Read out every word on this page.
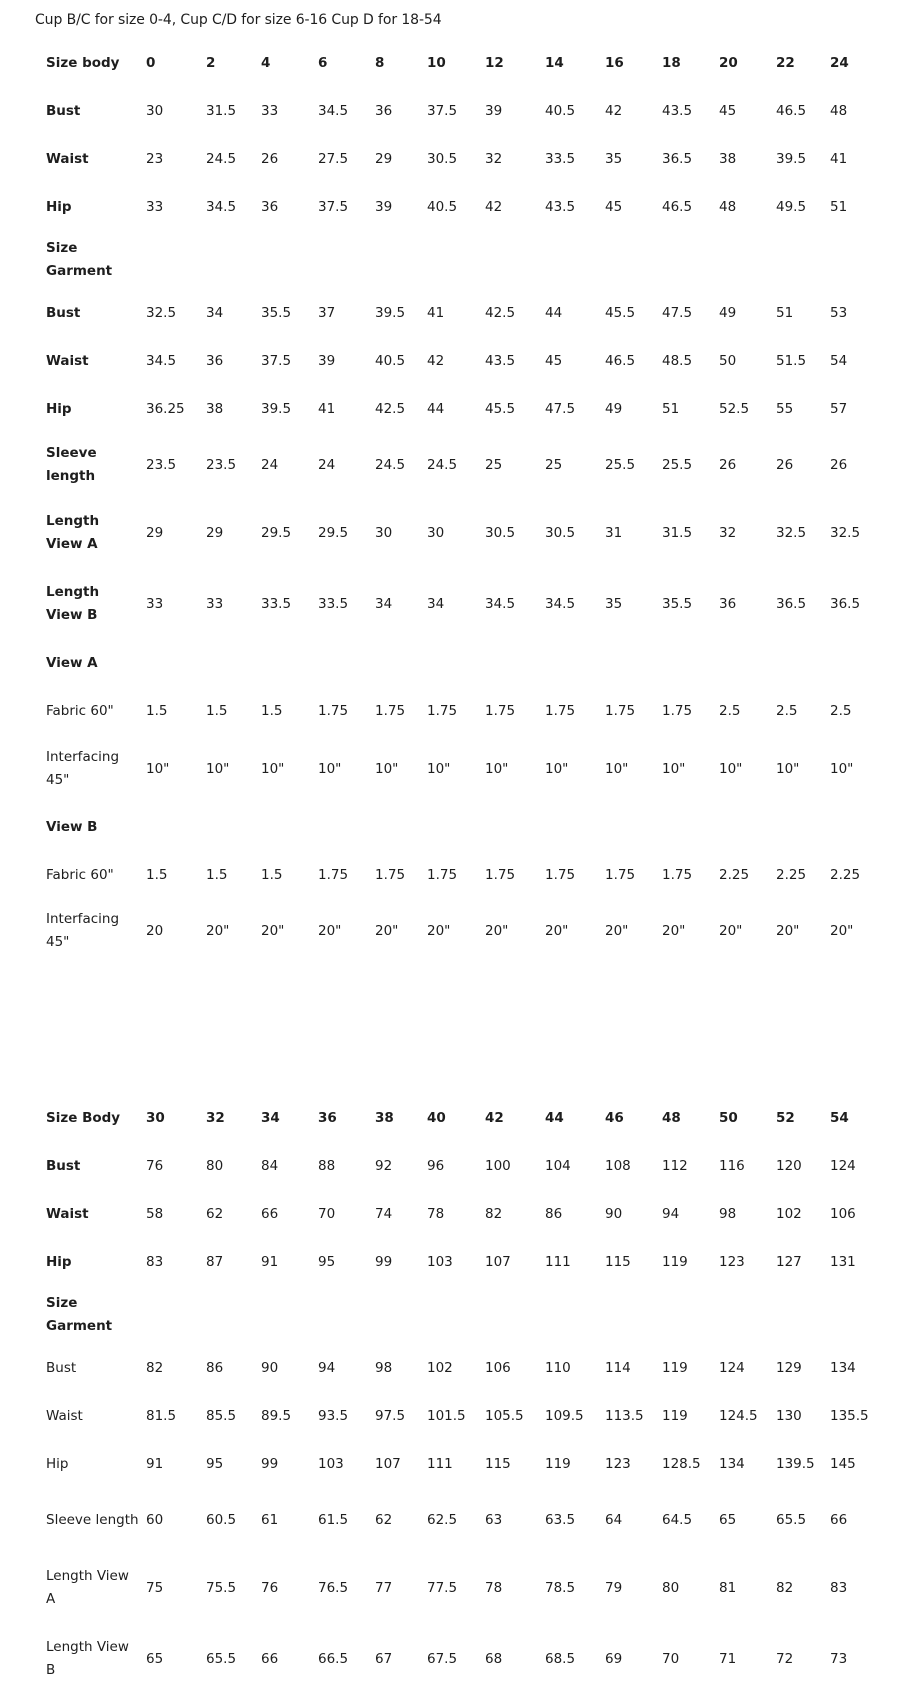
Cup B/C for size 0-4, Cup C/D for size 6-16 Cup D for 18-54

Size body	0	2	4	6	8	10	12	14	16	18	20	22	24
Bust	30	31.5	33	34.5	36	37.5	39	40.5	42	43.5	45	46.5	48
Waist	23	24.5	26	27.5	29	30.5	32	33.5	35	36.5	38	39.5	41
Hip	33	34.5	36	37.5	39	40.5	42	43.5	45	46.5	48	49.5	51
Size Garment													
Bust	32.5	34	35.5	37	39.5	41	42.5	44	45.5	47.5	49	51	53
Waist	34.5	36	37.5	39	40.5	42	43.5	45	46.5	48.5	50	51.5	54
Hip	36.25	38	39.5	41	42.5	44	45.5	47.5	49	51	52.5	55	57
Sleeve length	23.5	23.5	24	24	24.5	24.5	25	25	25.5	25.5	26	26	26
Length View A	29	29	29.5	29.5	30	30	30.5	30.5	31	31.5	32	32.5	32.5
Length View B	33	33	33.5	33.5	34	34	34.5	34.5	35	35.5	36	36.5	36.5
View A													
Fabric 60"	1.5	1.5	1.5	1.75	1.75	1.75	1.75	1.75	1.75	1.75	2.5	2.5	2.5
Interfacing 45"	10"	10"	10"	10"	10"	10"	10"	10"	10"	10"	10"	10"	10"
View B													
Fabric 60"	1.5	1.5	1.5	1.75	1.75	1.75	1.75	1.75	1.75	1.75	2.25	2.25	2.25
Interfacing 45"	20	20"	20"	20"	20"	20"	20"	20"	20"	20"	20"	20"	20"
Size Body	30	32	34	36	38	40	42	44	46	48	50	52	54
Bust	76	80	84	88	92	96	100	104	108	112	116	120	124
Waist	58	62	66	70	74	78	82	86	90	94	98	102	106
Hip	83	87	91	95	99	103	107	111	115	119	123	127	131
Size Garment													
Bust	82	86	90	94	98	102	106	110	114	119	124	129	134
Waist	81.5	85.5	89.5	93.5	97.5	101.5	105.5	109.5	113.5	119	124.5	130	135.5
Hip	91	95	99	103	107	111	115	119	123	128.5	134	139.5	145
Sleeve length	60	60.5	61	61.5	62	62.5	63	63.5	64	64.5	65	65.5	66
Length View A	75	75.5	76	76.5	77	77.5	78	78.5	79	80	81	82	83
Length View B	65	65.5	66	66.5	67	67.5	68	68.5	69	70	71	72	73
